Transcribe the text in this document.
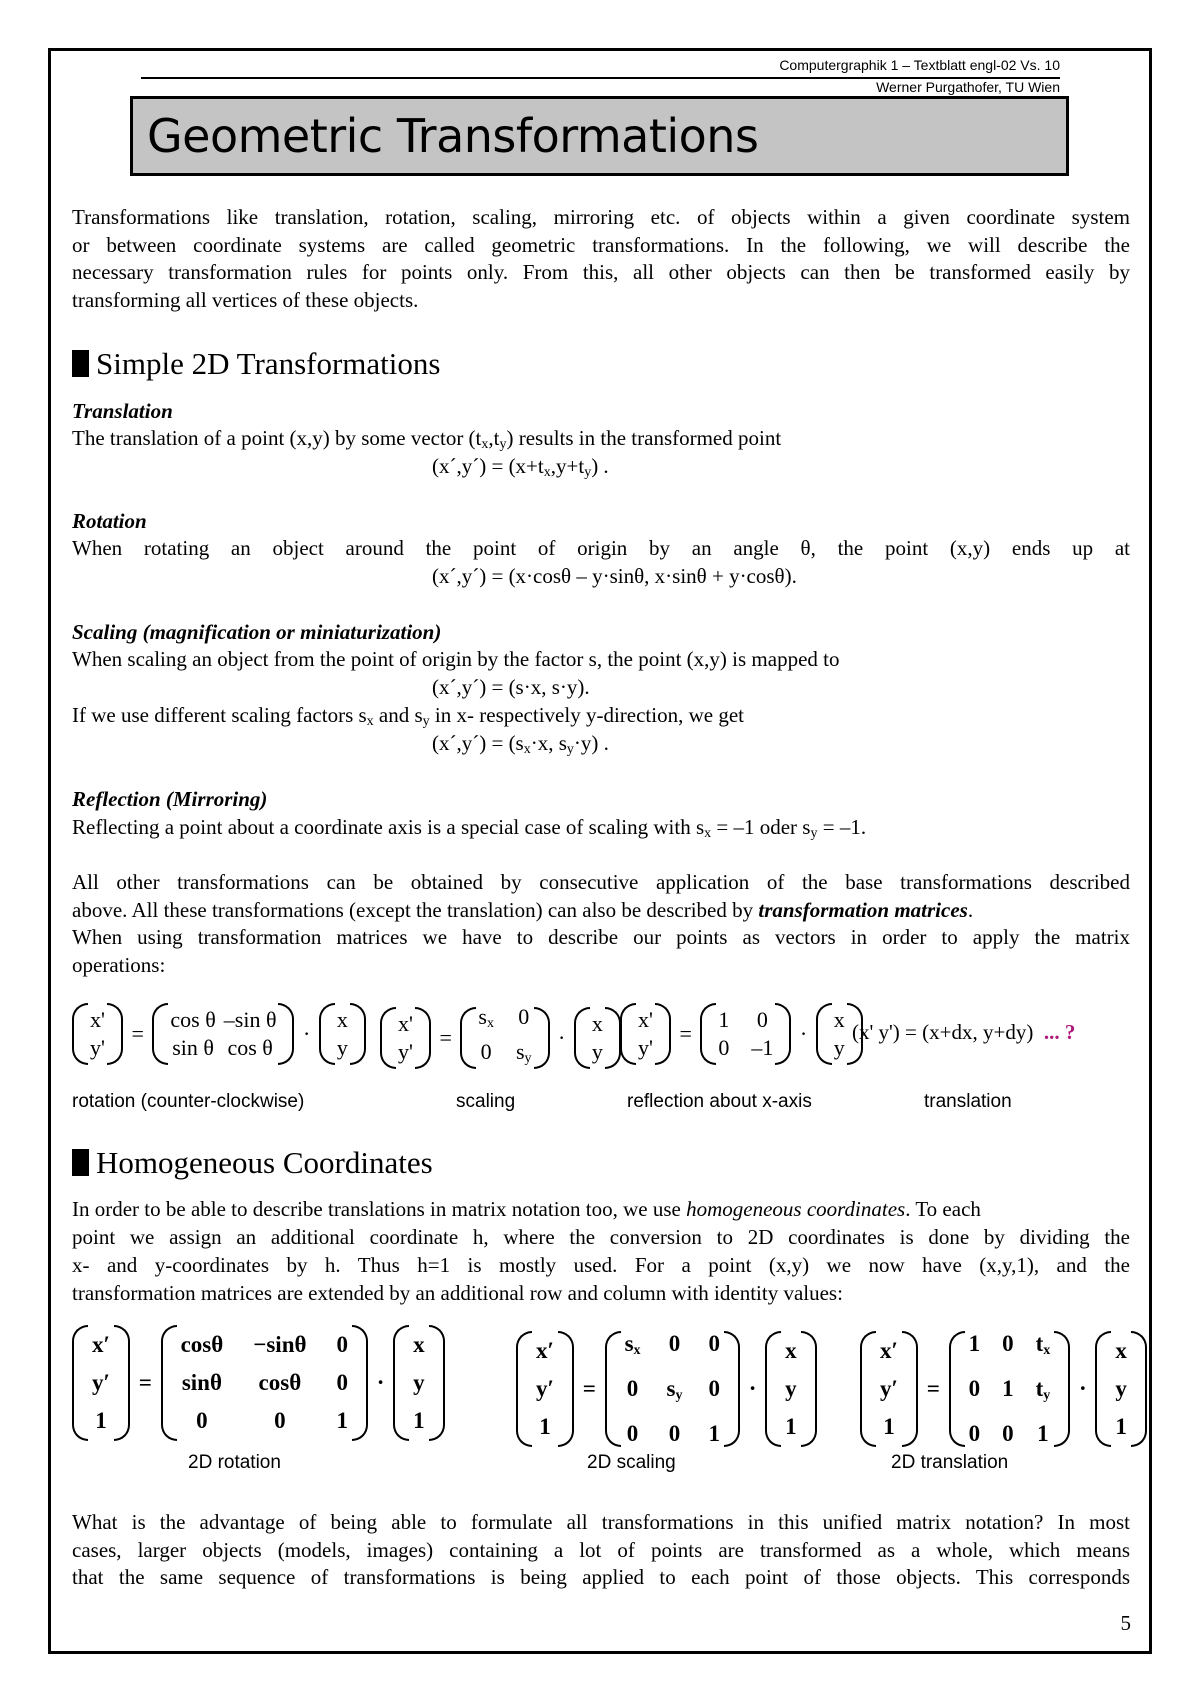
Computergraphik 1 – Textblatt engl-02 Vs. 10
Werner Purgathofer, TU Wien
Geometric Transformations
Transformations like translation, rotation, scaling, mirroring etc. of objects within a given coordinate system
or between coordinate systems are called geometric transformations. In the following, we will describe the
necessary transformation rules for points only. From this, all other objects can then be transformed easily by
transforming all vertices of these objects.
Simple 2D Transformations
Translation
The translation of a point (x,y) by some vector $(t_x,t_y)$ results in the transformed point
(x´,y´) = $(x+t_x,y+t_y)$ .
Rotation
When rotating an object around the point of origin by an angle θ, the point (x,y) ends up at
(x´,y´) = (x·cosθ – y·sinθ, x·sinθ + y·cosθ).
Scaling (magnification or miniaturization)
When scaling an object from the point of origin by the factor s, the point (x,y) is mapped to
(x´,y´) = (s·x, s·y).
If we use different scaling factors $s_x$ and $s_y$ in x- respectively y-direction, we get
(x´,y´) = ($s_x\cdot x$, $s_y\cdot y$) .
Reflection (Mirroring)
Reflecting a point about a coordinate axis is a special case of scaling with $s_x = -1$ oder $s_y = -1$.
All other transformations can be obtained by consecutive application of the base transformations described
above. All these transformations (except the translation) can also be described by transformation matrices.
When using transformation matrices we have to describe our points as vectors in order to apply the matrix
operations:
x'
y'
=
cos θ –sin θ
sin θ cos θ
·
x
y
x'
y'
=
$s_x$ 0
0 $s_y$
·
x
y
x'
y'
=
1 0
0 –1
·
x
y
(x' y') = (x+dx, y+dy) ... ?
rotation (counter-clockwise)	scaling	reflection about x-axis	translation
Homogeneous Coordinates
In order to be able to describe translations in matrix notation too, we use homogeneous coordinates. To each
point we assign an additional coordinate h, where the conversion to 2D coordinates is done by dividing the
x- and y-coordinates by h. Thus h=1 is mostly used. For a point (x,y) we now have (x,y,1), and the
transformation matrices are extended by an additional row and column with identity values:
x′
y′
1
=
cosθ −sinθ 0
sinθ cosθ 0
0	0	1
·
x
y
1
x′
y′
1
=
$s_x$ 0 0
0 $s_y$ 0
0 0 1
·
x
y
1
x′
y′
1
=
1 0 $t_x$
0 1 $t_y$
0 0 1
·
x
y
1
2D rotation	2D scaling	2D translation
What is the advantage of being able to formulate all transformations in this unified matrix notation? In most
cases, larger objects (models, images) containing a lot of points are transformed as a whole, which means
that the same sequence of transformations is being applied to each point of those objects. This corresponds
5
